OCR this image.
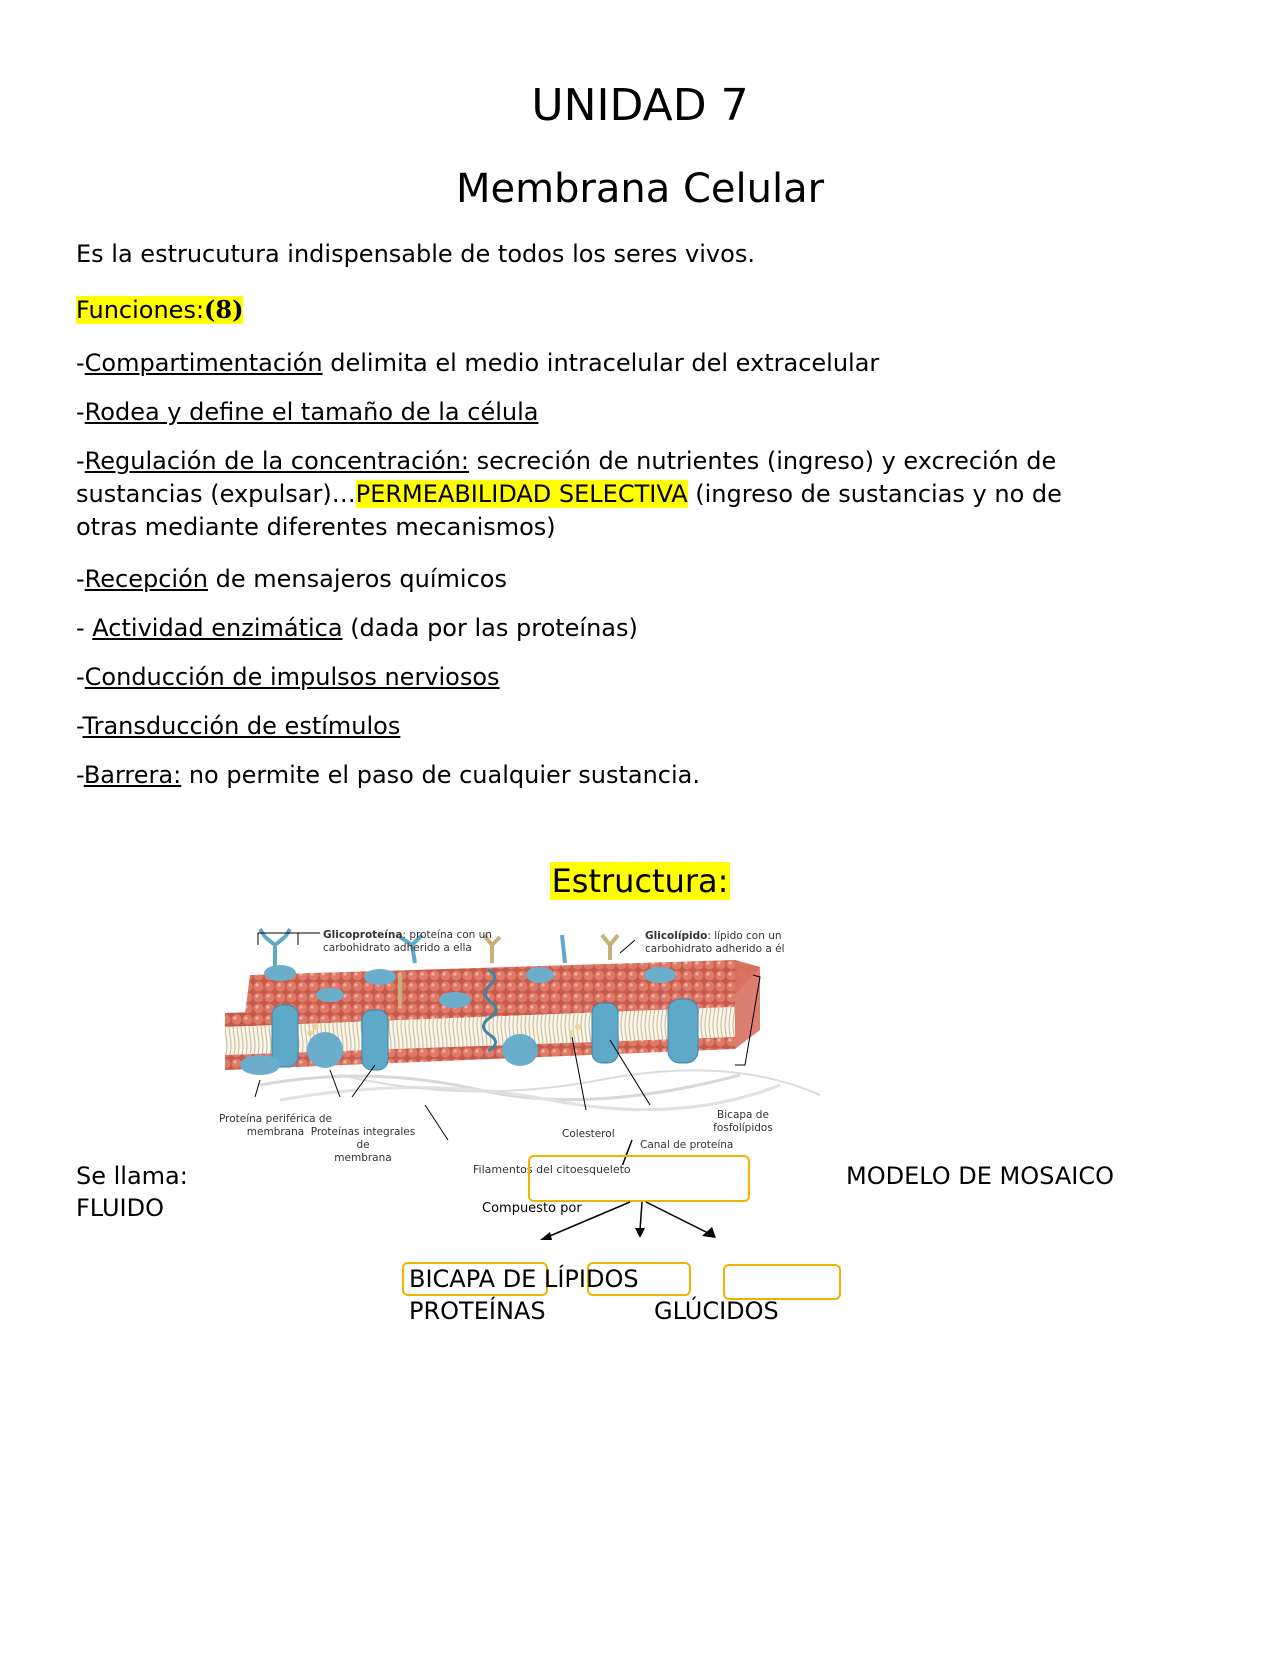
UNIDAD 7
Membrana Celular
Es la estrucutura indispensable de todos los seres vivos.
Funciones:(8)
-Compartimentación delimita el medio intracelular del extracelular
-Rodea y define el tamaño de la célula
-Regulación de la concentración: secreción de nutrientes (ingreso) y excreción de
sustancias (expulsar)…PERMEABILIDAD SELECTIVA (ingreso de sustancias y no de
otras mediante diferentes mecanismos)
-Recepción de mensajeros químicos
- Actividad enzimática (dada por las proteínas)
-Conducción de impulsos nerviosos
-Transducción de estímulos
-Barrera: no permite el paso de cualquier sustancia.
Estructura:
Glicoproteína: proteína con un
carbohidrato adherido a ella
Glicolípido: lípido con un
carbohidrato adherido a él
Proteína periférica de
membrana Proteínas integrales de
membrana
Colesterol
Canal de proteína
Bicapa de
fosfolípidos
Filamentos del citoesqueleto
Se llama:	MODELO DE MOSAICO
FLUIDO	Compuesto por
BICAPA DE LÍPIDOS
PROTEÍNAS	GLÚCIDOS
